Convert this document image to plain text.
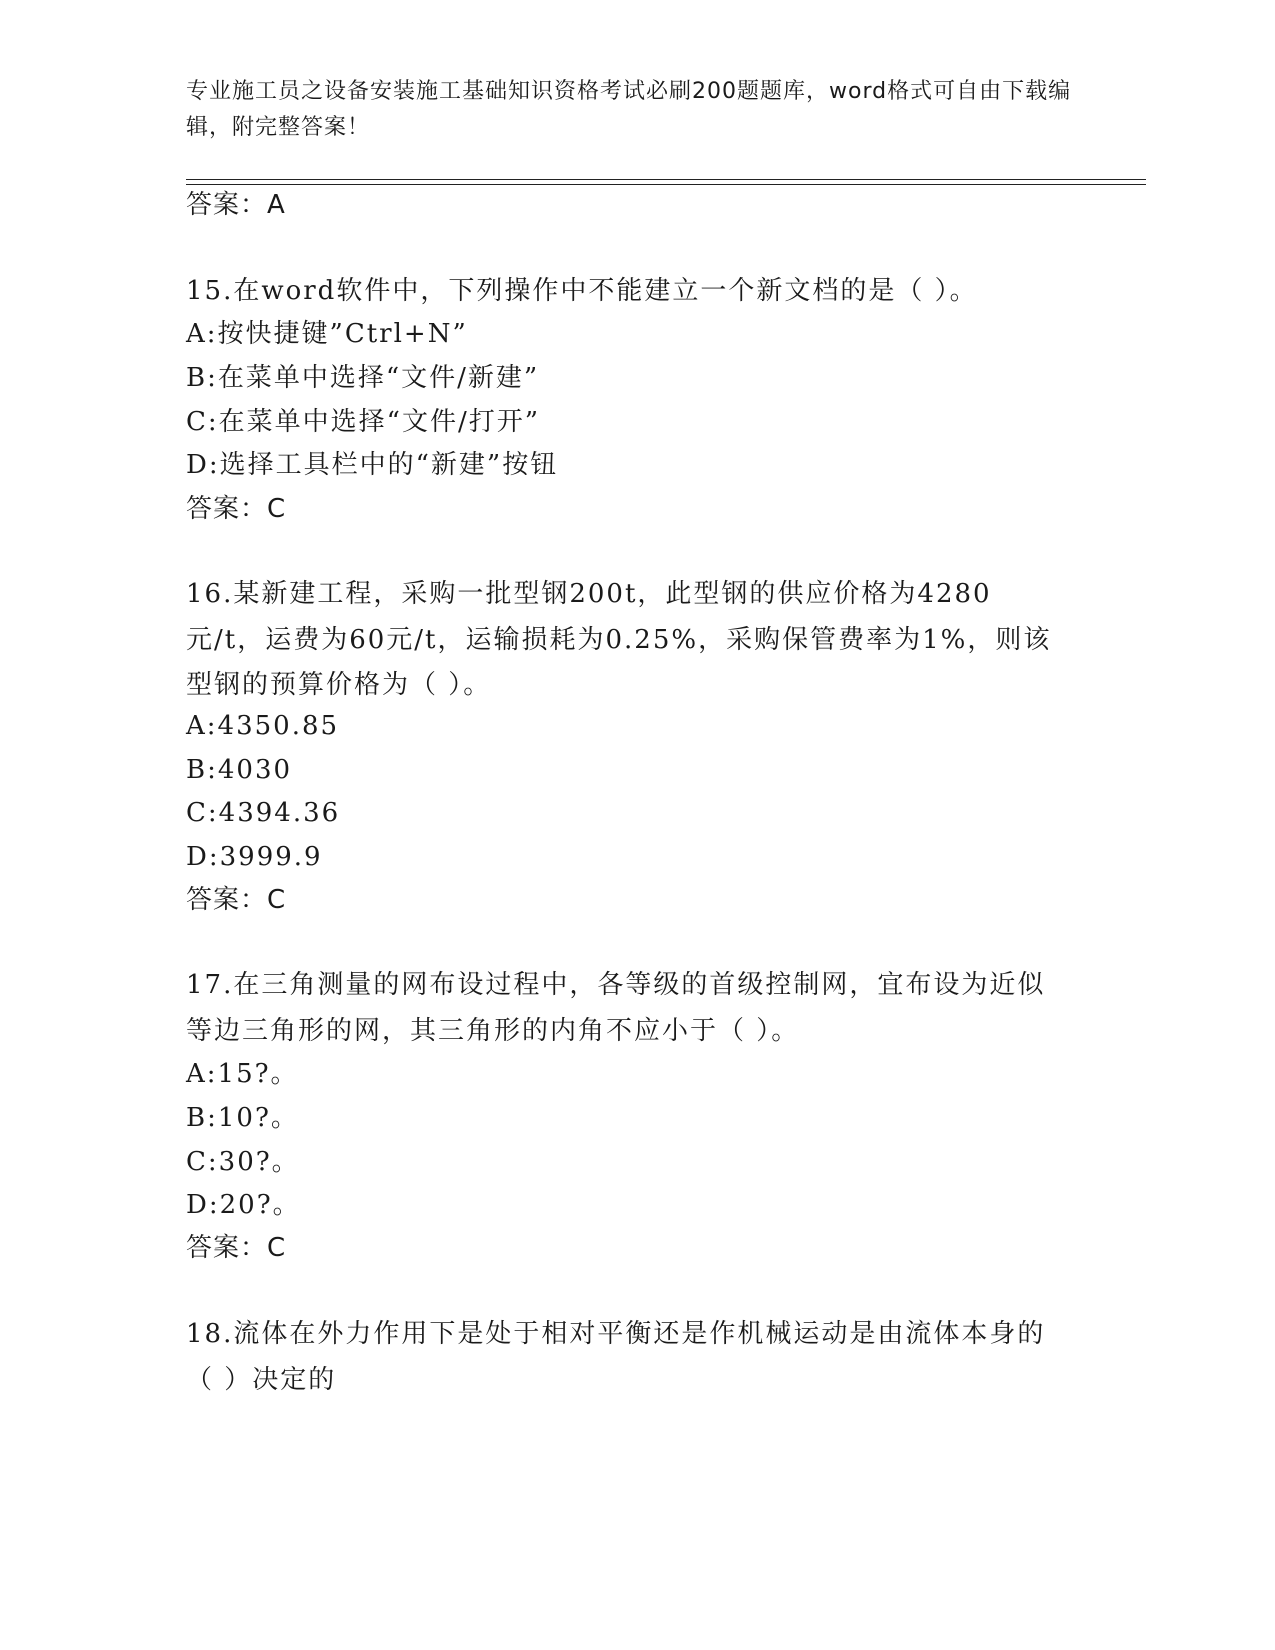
专业施工员之设备安装施工基础知识资格考试必刷200题题库，word格式可自由下载编辑，附完整答案！
答案：A
15.在word软件中，下列操作中不能建立一个新文档的是（ ）。
A:按快捷键”Ctrl+N”
B:在菜单中选择“文件/新建”
C:在菜单中选择“文件/打开”
D:选择工具栏中的“新建”按钮
答案：C
16.某新建工程，采购一批型钢200t，此型钢的供应价格为4280元/t，运费为60元/t，运输损耗为0.25%，采购保管费率为1%，则该型钢的预算价格为（ ）。
A:4350.85
B:4030
C:4394.36
D:3999.9
答案：C
17.在三角测量的网布设过程中，各等级的首级控制网，宜布设为近似等边三角形的网，其三角形的内角不应小于（ ）。
A:15?。
B:10?。
C:30?。
D:20?。
答案：C
18.流体在外力作用下是处于相对平衡还是作机械运动是由流体本身的（ ）决定的
